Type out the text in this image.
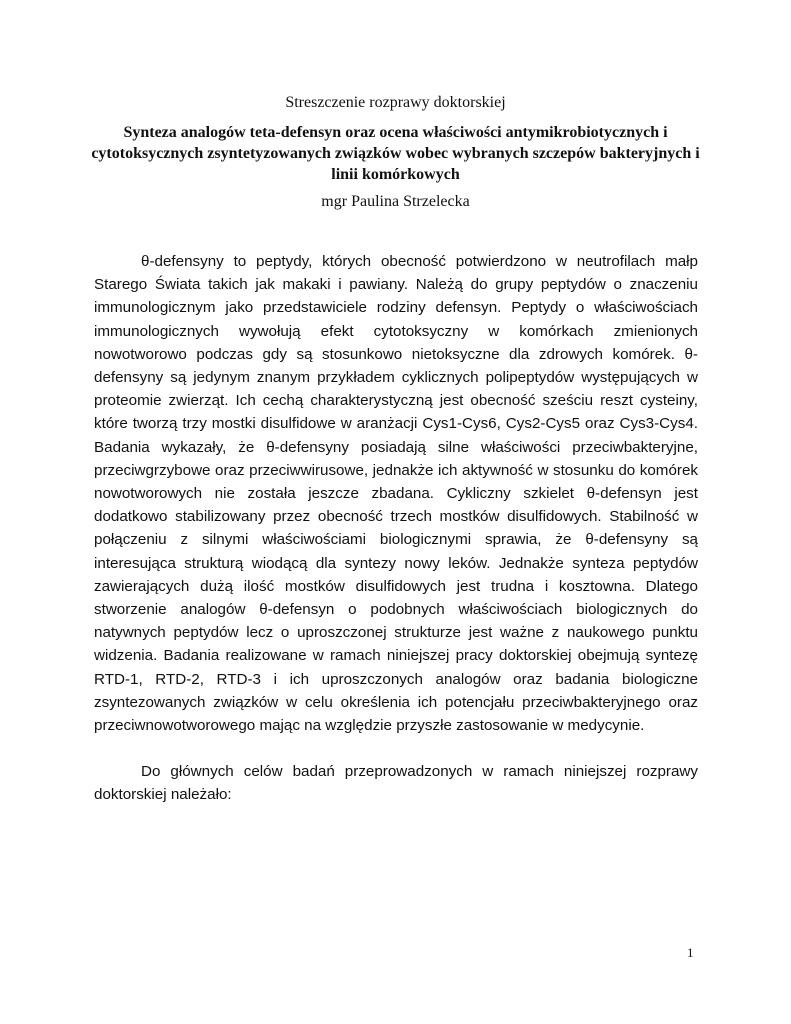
Streszczenie rozprawy doktorskiej
Synteza analogów teta-defensyn oraz ocena właściwości antymikrobiotycznych i cytotoksycznych zsyntetyzowanych związków wobec wybranych szczepów bakteryjnych i linii komórkowych
mgr Paulina Strzelecka

θ-defensyny to peptydy, których obecność potwierdzono w neutrofilach małp Starego Świata takich jak makaki i pawiany. Należą do grupy peptydów o znaczeniu immunologicznym jako przedstawiciele rodziny defensyn. Peptydy o właściwościach immunologicznych wywołują efekt cytotoksyczny w komórkach zmienionych nowotworowo podczas gdy są stosunkowo nietoksyczne dla zdrowych komórek. θ-defensyny są jedynym znanym przykładem cyklicznych polipeptydów występujących w proteomie zwierząt. Ich cechą charakterystyczną jest obecność sześciu reszt cysteiny, które tworzą trzy mostki disulfidowe w aranżacji Cys1-Cys6, Cys2-Cys5 oraz Cys3-Cys4. Badania wykazały, że θ-defensyny posiadają silne właściwości przeciwbakteryjne, przeciwgrzybowe oraz przeciwwirusowe, jednakże ich aktywność w stosunku do komórek nowotworowych nie została jeszcze zbadana. Cykliczny szkielet θ-defensyn jest dodatkowo stabilizowany przez obecność trzech mostków disulfidowych. Stabilność w połączeniu z silnymi właściwościami biologicznymi sprawia, że θ-defensyny są interesująca strukturą wiodącą dla syntezy nowy leków. Jednakże synteza peptydów zawierających dużą ilość mostków disulfidowych jest trudna i kosztowna. Dlatego stworzenie analogów θ-defensyn o podobnych właściwościach biologicznych do natywnych peptydów lecz o uproszczonej strukturze jest ważne z naukowego punktu widzenia. Badania realizowane w ramach niniejszej pracy doktorskiej obejmują syntezę RTD-1, RTD-2, RTD-3 i ich uproszczonych analogów oraz badania biologiczne zsyntezowanych związków w celu określenia ich potencjału przeciwbakteryjnego oraz przeciwnowotworowego mając na względzie przyszłe zastosowanie w medycynie.

Do głównych celów badań przeprowadzonych w ramach niniejszej rozprawy doktorskiej należało:

1
